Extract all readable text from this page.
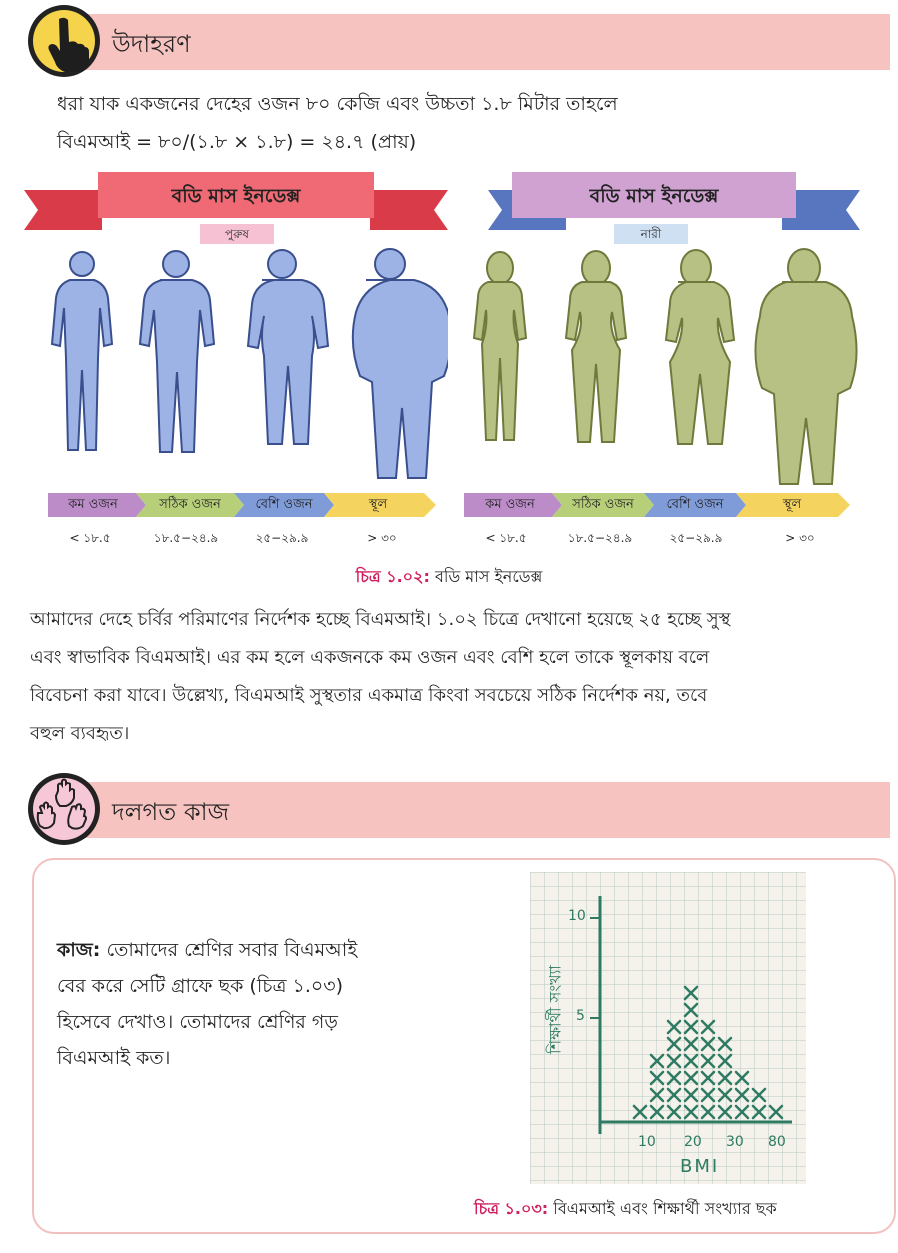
উদাহরণ
ধরা যাক একজনের দেহের ওজন ৮০ কেজি এবং উচ্চতা ১.৮ মিটার তাহলে
বিএমআই = ৮০/(১.৮ × ১.৮) = ২৪.৭ (প্রায়)
বডি মাস ইনডেক্স
পুরুষ
কম ওজন	সঠিক ওজন	বেশি ওজন	স্থূল
< ১৮.৫	১৮.৫−২৪.৯	২৫−২৯.৯	> ৩০
বডি মাস ইনডেক্স
নারী
কম ওজন	সঠিক ওজন	বেশি ওজন	স্থূল
< ১৮.৫	১৮.৫−২৪.৯	২৫−২৯.৯	> ৩০
চিত্র ১.০২: বডি মাস ইনডেক্স
আমাদের দেহে চর্বির পরিমাণের নির্দেশক হচ্ছে বিএমআই। ১.০২ চিত্রে দেখানো হয়েছে ২৫ হচ্ছে সুস্থ
এবং স্বাভাবিক বিএমআই। এর কম হলে একজনকে কম ওজন এবং বেশি হলে তাকে স্থূলকায় বলে
বিবেচনা করা যাবে। উল্লেখ্য, বিএমআই সুস্থতার একমাত্র কিংবা সবচেয়ে সঠিক নির্দেশক নয়, তবে
বহুল ব্যবহৃত।
দলগত কাজ
কাজ: তোমাদের শ্রেণির সবার বিএমআই
বের করে সেটি গ্রাফে ছক (চিত্র ১.০৩)
হিসেবে দেখাও। তোমাদের শ্রেণির গড়
বিএমআই কত।
শিক্ষার্থী সংখ্যা
10
5
10 20 30 80
BMI
চিত্র ১.০৩: বিএমআই এবং শিক্ষার্থী সংখ্যার ছক
